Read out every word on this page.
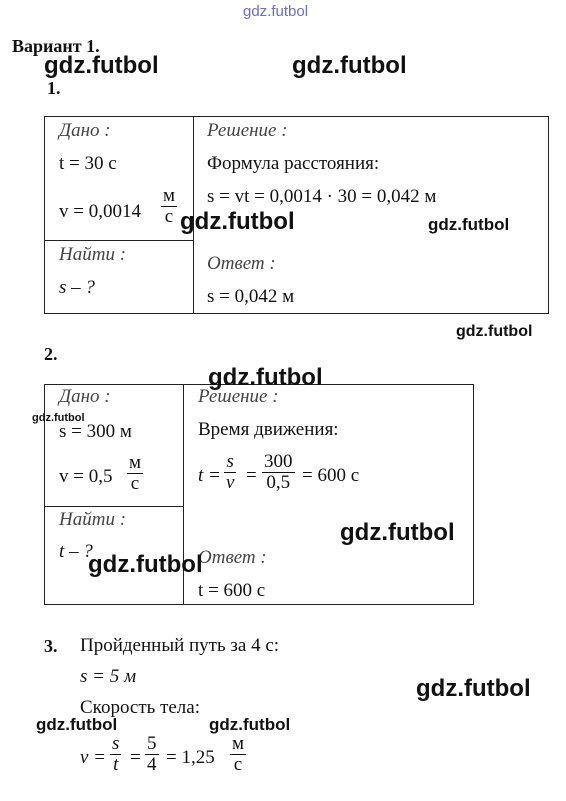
gdz.futbol
Вариант 1.
1.
Дано :
t = 30 с
v = 0,0014
м
с
Найти :
s – ?
Решение :
Формула расстояния:
s = vt = 0,0014 · 30 = 0,042 м
Ответ :
s = 0,042 м
2.
Дано :
s = 300 м
v = 0,5
м
с
Найти :
t – ?
Решение :
Время движения:
t =
s
v =
300
0,5 = 600 с
Ответ :
t = 600 с
3. Пройденный путь за 4 с:
s = 5 м
Скорость тела:
v =
s
t =
5
4 = 1,25
м
с
gdz.futbol	gdz.futbol
gdz.futbol	gdz.futbol
gdz.futbol
gdz.futbol
gdz.futbol
gdz.futbol
gdz.futbol
gdz.futbol
gdz.futbol	gdz.futbol
